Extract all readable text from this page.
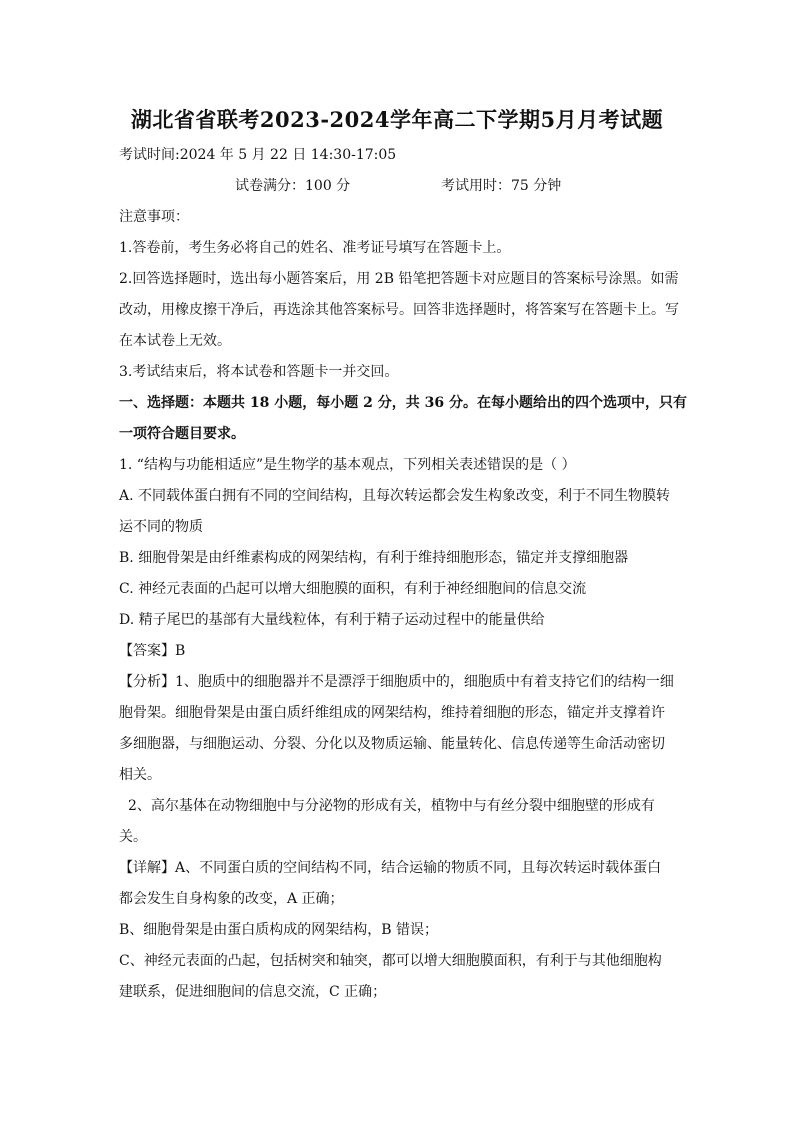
湖北省省联考2023-2024学年高二下学期5月月考试题
考试时间:2024 年 5 月 22 日 14:30-17:05
试卷满分：100 分	考试用时：75 分钟
注意事项：
1.答卷前，考生务必将自己的姓名、准考证号填写在答题卡上。
2.回答选择题时，选出每小题答案后，用 2B 铅笔把答题卡对应题目的答案标号涂黑。如需
改动，用橡皮擦干净后，再选涂其他答案标号。回答非选择题时，将答案写在答题卡上。写
在本试卷上无效。
3.考试结束后，将本试卷和答题卡一并交回。
一、选择题：本题共 18 小题，每小题 2 分，共 36 分。在每小题给出的四个选项中，只有
一项符合题目要求。
1. “结构与功能相适应”是生物学的基本观点，下列相关表述错误的是（ ）
A. 不同载体蛋白拥有不同的空间结构，且每次转运都会发生构象改变，利于不同生物膜转
运不同的物质
B. 细胞骨架是由纤维素构成的网架结构，有利于维持细胞形态，锚定并支撑细胞器
C. 神经元表面的凸起可以增大细胞膜的面积，有利于神经细胞间的信息交流
D. 精子尾巴的基部有大量线粒体，有利于精子运动过程中的能量供给
【答案】B
【分析】1、胞质中的细胞器并不是漂浮于细胞质中的，细胞质中有着支持它们的结构一细
胞骨架。细胞骨架是由蛋白质纤维组成的网架结构，维持着细胞的形态，锚定并支撑着许
多细胞器，与细胞运动、分裂、分化以及物质运输、能量转化、信息传递等生命活动密切
相关。
2、高尔基体在动物细胞中与分泌物的形成有关，植物中与有丝分裂中细胞壁的形成有
关。
【详解】A、不同蛋白质的空间结构不同，结合运输的物质不同，且每次转运时载体蛋白
都会发生自身构象的改变，A 正确；
B、细胞骨架是由蛋白质构成的网架结构，B 错误；
C、神经元表面的凸起，包括树突和轴突，都可以增大细胞膜面积，有利于与其他细胞构
建联系，促进细胞间的信息交流，C 正确；
